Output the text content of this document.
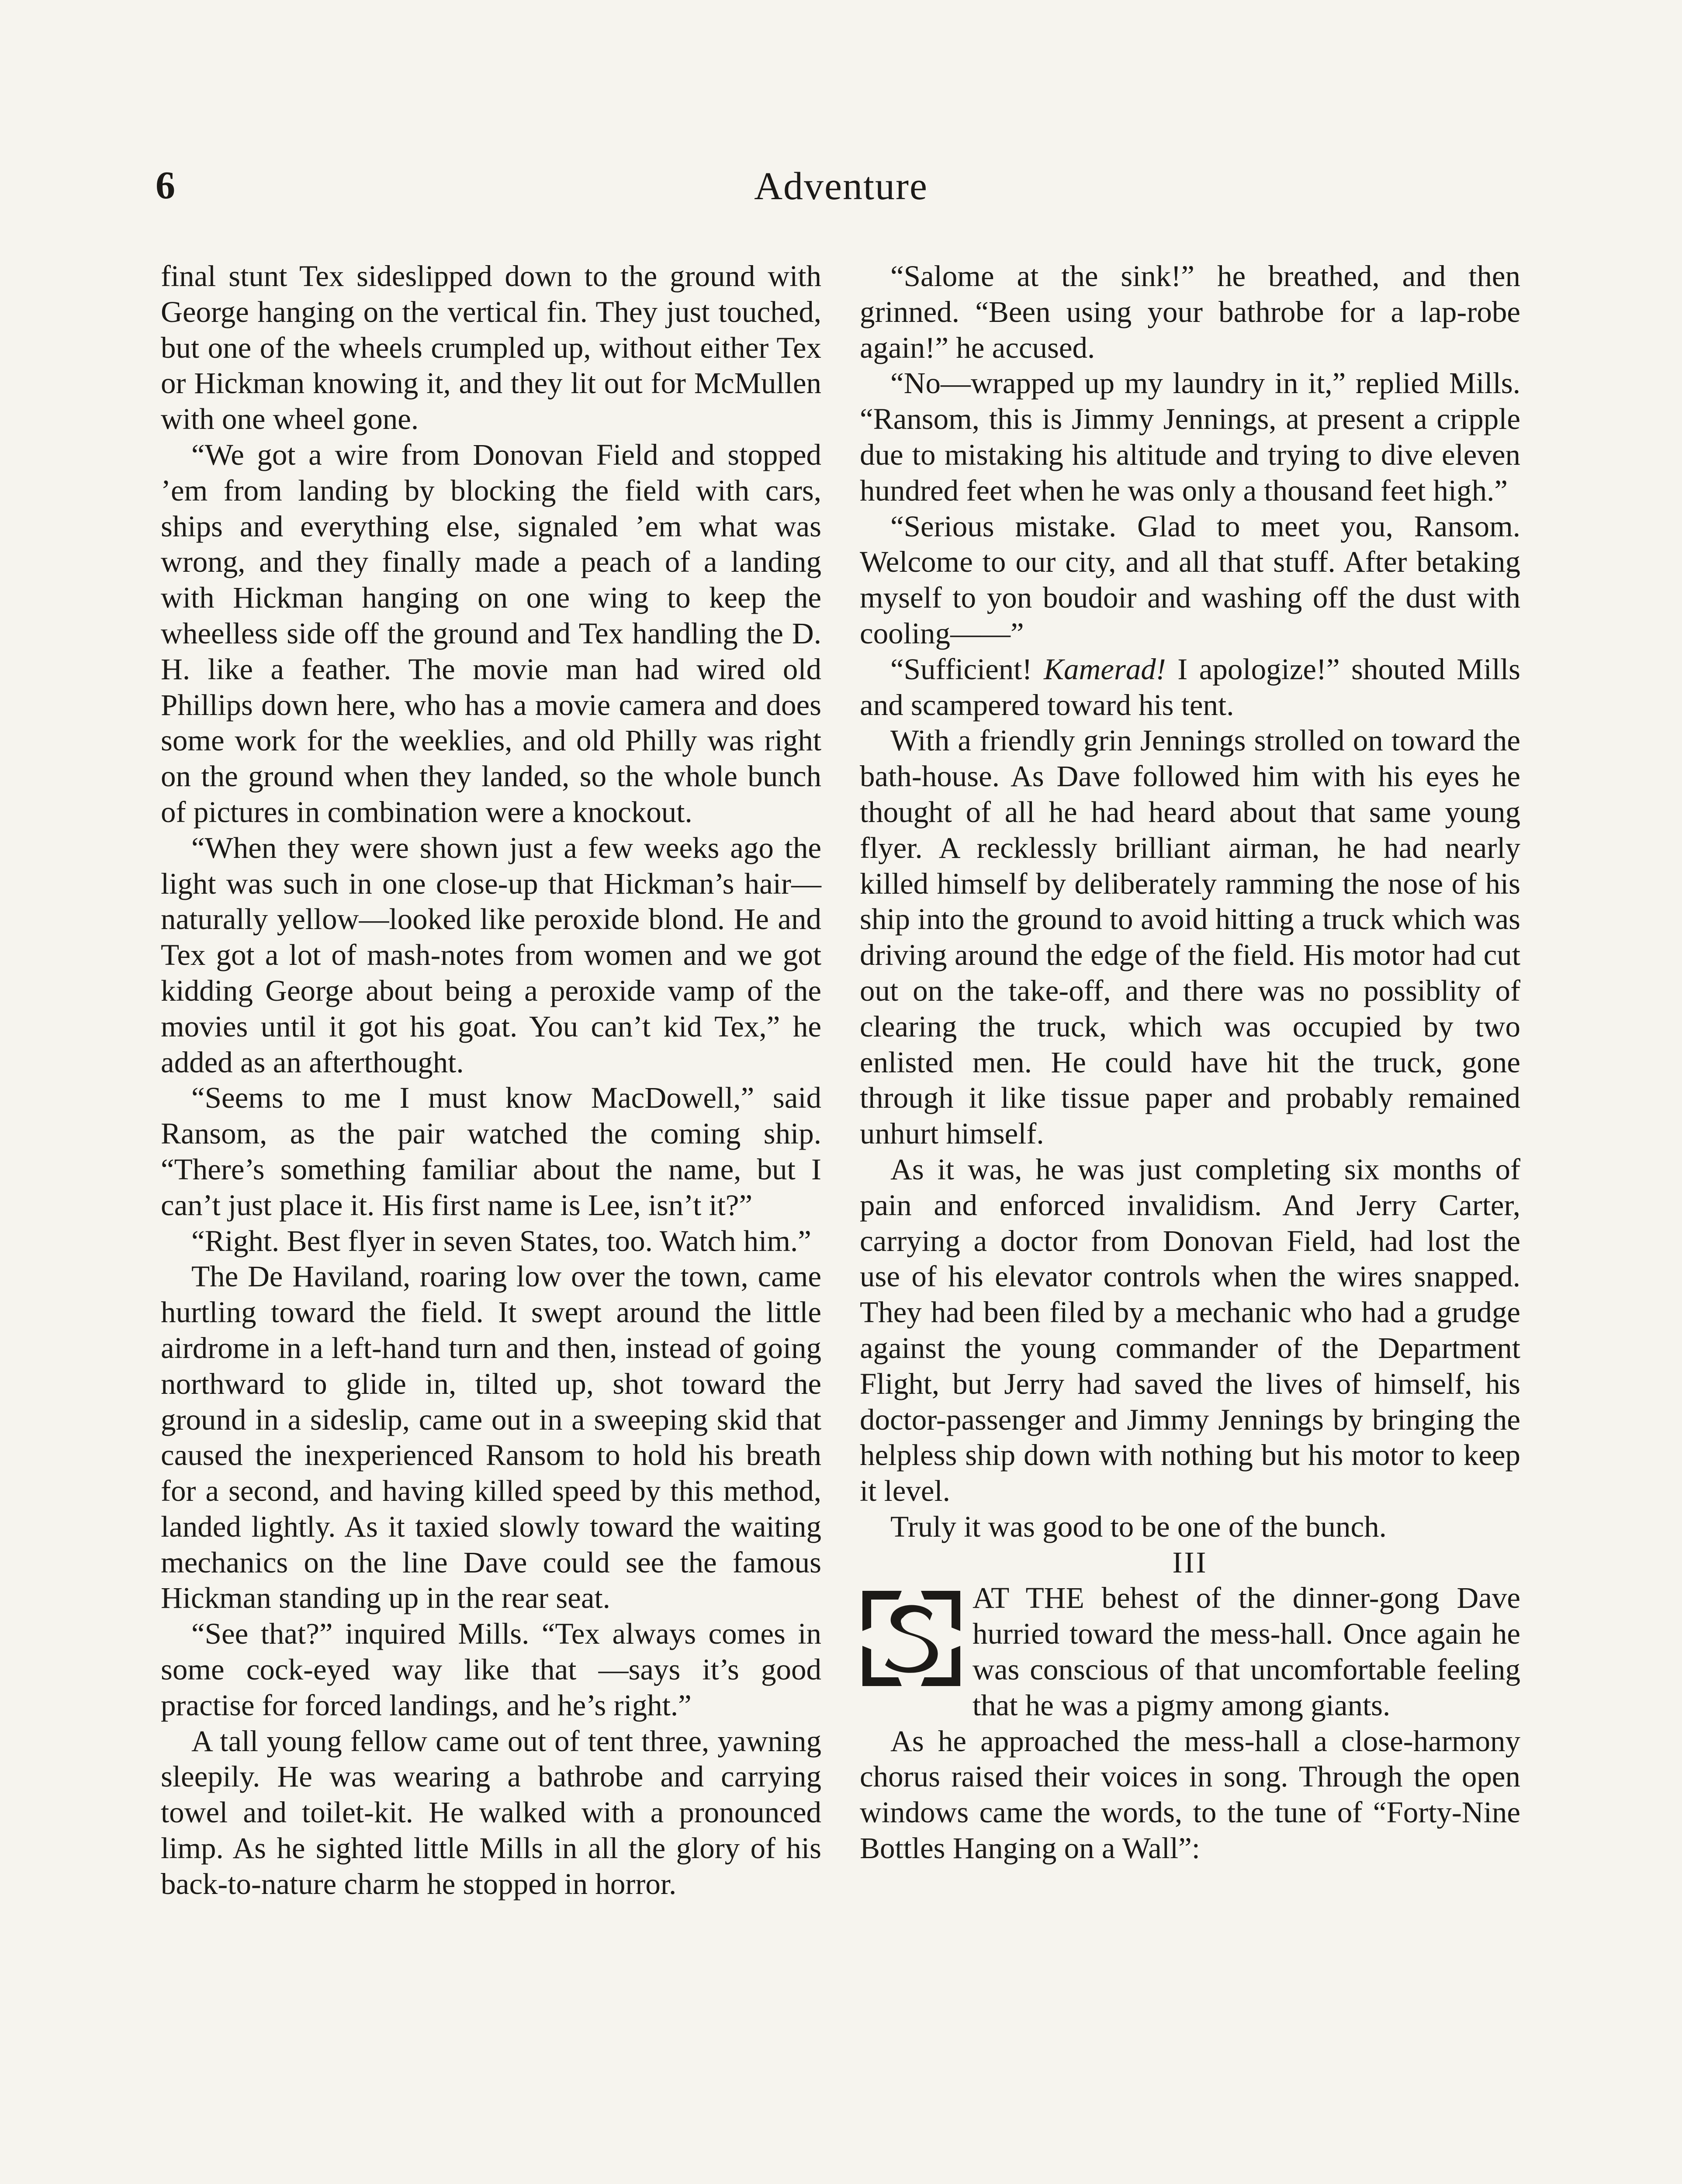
6	Adventure

final stunt Tex sideslipped down to the ground with George hanging on the vertical fin. They just touched, but one of the wheels crumpled up, without either Tex or Hickman knowing it, and they lit out for McMullen with one wheel gone.

“We got a wire from Donovan Field and stopped ’em from landing by blocking the field with cars, ships and everything else, signaled ’em what was wrong, and they finally made a peach of a landing with Hickman hanging on one wing to keep the wheelless side off the ground and Tex handling the D. H. like a feather. The movie man had wired old Phillips down here, who has a movie camera and does some work for the weeklies, and old Philly was right on the ground when they landed, so the whole bunch of pictures in combination were a knockout.

“When they were shown just a few weeks ago the light was such in one close-up that Hickman’s hair—naturally yellow—looked like peroxide blond. He and Tex got a lot of mash-notes from women and we got kidding George about being a peroxide vamp of the movies until it got his goat. You can’t kid Tex,” he added as an afterthought.

“Seems to me I must know MacDowell,” said Ransom, as the pair watched the coming ship. “There’s something familiar about the name, but I can’t just place it. His first name is Lee, isn’t it?”

“Right. Best flyer in seven States, too. Watch him.”

The De Haviland, roaring low over the town, came hurtling toward the field. It swept around the little airdrome in a left-hand turn and then, instead of going northward to glide in, tilted up, shot toward the ground in a sideslip, came out in a sweeping skid that caused the inexperienced Ransom to hold his breath for a second, and having killed speed by this method, landed lightly. As it taxied slowly toward the waiting mechanics on the line Dave could see the famous Hickman standing up in the rear seat.

“See that?” inquired Mills. “Tex always comes in some cock-eyed way like that —says it’s good practise for forced landings, and he’s right.”

A tall young fellow came out of tent three, yawning sleepily. He was wearing a bathrobe and carrying towel and toilet-kit. He walked with a pronounced limp. As he sighted little Mills in all the glory of his back-to-nature charm he stopped in horror.

“Salome at the sink!” he breathed, and then grinned. “Been using your bathrobe for a lap-robe again!” he accused.

“No—wrapped up my laundry in it,” replied Mills. “Ransom, this is Jimmy Jennings, at present a cripple due to mistaking his altitude and trying to dive eleven hundred feet when he was only a thousand feet high.”

“Serious mistake. Glad to meet you, Ransom. Welcome to our city, and all that stuff. After betaking myself to yon boudoir and washing off the dust with cooling——”

“Sufficient! Kamerad! I apologize!” shouted Mills and scampered toward his tent.

With a friendly grin Jennings strolled on toward the bath-house. As Dave followed him with his eyes he thought of all he had heard about that same young flyer. A recklessly brilliant airman, he had nearly killed himself by deliberately ramming the nose of his ship into the ground to avoid hitting a truck which was driving around the edge of the field. His motor had cut out on the take-off, and there was no possiblity of clearing the truck, which was occupied by two enlisted men. He could have hit the truck, gone through it like tissue paper and probably remained unhurt himself.

As it was, he was just completing six months of pain and enforced invalidism. And Jerry Carter, carrying a doctor from Donovan Field, had lost the use of his elevator controls when the wires snapped. They had been filed by a mechanic who had a grudge against the young commander of the Department Flight, but Jerry had saved the lives of himself, his doctor-passenger and Jimmy Jennings by bringing the helpless ship down with nothing but his motor to keep it level.

Truly it was good to be one of the bunch.

III

AT THE behest of the dinner-gong Dave hurried toward the mess-hall. Once again he was conscious of that uncomfortable feeling that he was a pigmy among giants.

As he approached the mess-hall a close-harmony chorus raised their voices in song. Through the open windows came the words, to the tune of “Forty-Nine Bottles Hanging on a Wall”:
